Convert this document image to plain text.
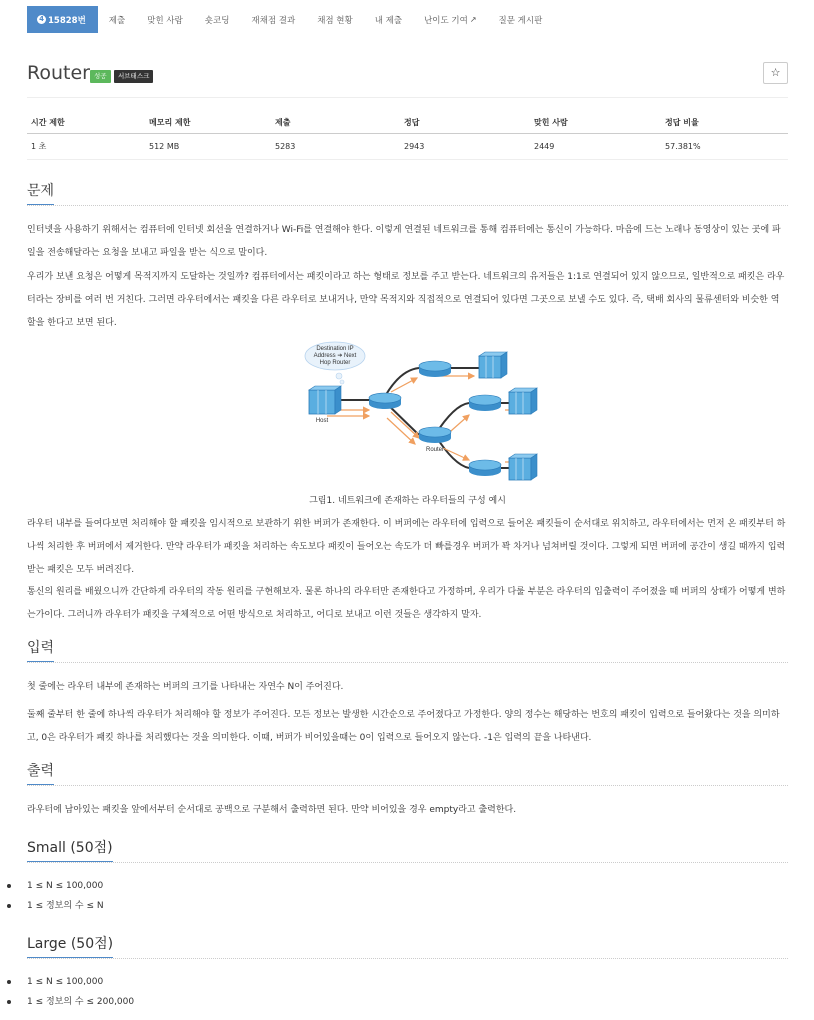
4 15828번	제출	맞힌 사람	숏코딩	재채점 결과	채점 현황	내 제출	난이도 기여 ↗	질문 게시판
Router 성공	서브태스크	☆
시간 제한	메모리 제한	제출	정답	맞힌 사람	정답 비율
1 초	512 MB	5283	2943	2449	57.381%
문제
인터넷을 사용하기 위해서는 컴퓨터에 인터넷 회선을 연결하거나 Wi-Fi를 연결해야 한다. 이렇게 연결된 네트워크를 통해 컴퓨터에는 통신이 가능하다. 마음에 드는 노래나 동영상이 있는 곳에 파일을 전송해달라는 요청을 보내고 파일을 받는 식으로 말이다.
우리가 보낸 요청은 어떻게 목적지까지 도달하는 것일까? 컴퓨터에서는 패킷이라고 하는 형태로 정보를 주고 받는다. 네트워크의 유저들은 1:1로 연결되어 있지 않으므로, 일반적으로 패킷은 라우터라는 장비를 여러 번 거친다. 그러면 라우터에서는 패킷을 다른 라우터로 보내거나, 만약 목적지와 직접적으로 연결되어 있다면 그곳으로 보낼 수도 있다. 즉, 택배 회사의 물류센터와 비슷한 역할을 한다고 보면 된다.
Destination IP
Address ➔ Next
Hop Router
Host
Router
그림1. 네트워크에 존재하는 라우터들의 구성 예시
라우터 내부를 들여다보면 처리해야 할 패킷을 임시적으로 보관하기 위한 버퍼가 존재한다. 이 버퍼에는 라우터에 입력으로 들어온 패킷들이 순서대로 위치하고, 라우터에서는 먼저 온 패킷부터 하나씩 처리한 후 버퍼에서 제거한다. 만약 라우터가 패킷을 처리하는 속도보다 패킷이 들어오는 속도가 더 빠를경우 버퍼가 꽉 차거나 넘쳐버릴 것이다. 그렇게 되면 버퍼에 공간이 생길 때까지 입력받는 패킷은 모두 버려진다.
통신의 원리를 배웠으니까 간단하게 라우터의 작동 원리를 구현해보자. 물론 하나의 라우터만 존재한다고 가정하며, 우리가 다룰 부분은 라우터의 입출력이 주어졌을 때 버퍼의 상태가 어떻게 변하는가이다. 그러니까 라우터가 패킷을 구체적으로 어떤 방식으로 처리하고, 어디로 보내고 이런 것들은 생각하지 말자.
입력
첫 줄에는 라우터 내부에 존재하는 버퍼의 크기를 나타내는 자연수 N이 주어진다.
둘째 줄부터 한 줄에 하나씩 라우터가 처리해야 할 정보가 주어진다. 모든 정보는 발생한 시간순으로 주어졌다고 가정한다. 양의 정수는 해당하는 번호의 패킷이 입력으로 들어왔다는 것을 의미하고, 0은 라우터가 패킷 하나를 처리했다는 것을 의미한다. 이때, 버퍼가 비어있을때는 0이 입력으로 들어오지 않는다. -1은 입력의 끝을 나타낸다.
출력
라우터에 남아있는 패킷을 앞에서부터 순서대로 공백으로 구분해서 출력하면 된다. 만약 비어있을 경우 empty라고 출력한다.
Small (50점)
1 ≤ N ≤ 100,000
1 ≤ 정보의 수 ≤ N
Large (50점)
1 ≤ N ≤ 100,000
1 ≤ 정보의 수 ≤ 200,000
